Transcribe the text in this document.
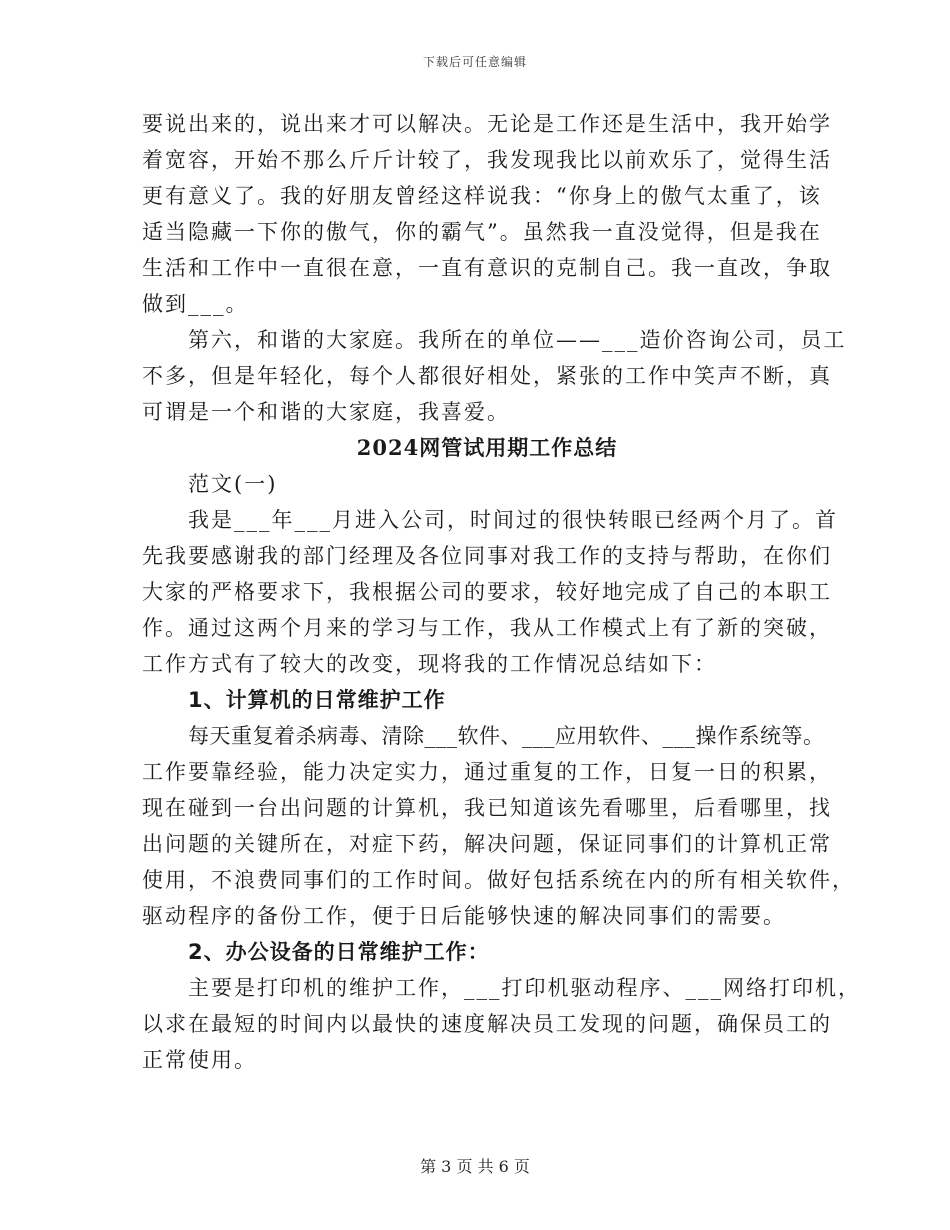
下载后可任意编辑
要说出来的，说出来才可以解决。无论是工作还是生活中，我开始学
着宽容，开始不那么斤斤计较了，我发现我比以前欢乐了，觉得生活
更有意义了。我的好朋友曾经这样说我：“你身上的傲气太重了，该
适当隐藏一下你的傲气，你的霸气”。虽然我一直没觉得，但是我在
生活和工作中一直很在意，一直有意识的克制自己。我一直改，争取
做到___。
第六，和谐的大家庭。我所在的单位——___造价咨询公司，员工
不多，但是年轻化，每个人都很好相处，紧张的工作中笑声不断，真
可谓是一个和谐的大家庭，我喜爱。
2024网管试用期工作总结
范文(一)
我是___年___月进入公司，时间过的很快转眼已经两个月了。首
先我要感谢我的部门经理及各位同事对我工作的支持与帮助，在你们
大家的严格要求下，我根据公司的要求，较好地完成了自己的本职工
作。通过这两个月来的学习与工作，我从工作模式上有了新的突破，
工作方式有了较大的改变，现将我的工作情况总结如下：
1、计算机的日常维护工作
每天重复着杀病毒、清除___软件、___应用软件、___操作系统等。
工作要靠经验，能力决定实力，通过重复的工作，日复一日的积累，
现在碰到一台出问题的计算机，我已知道该先看哪里，后看哪里，找
出问题的关键所在，对症下药，解决问题，保证同事们的计算机正常
使用，不浪费同事们的工作时间。做好包括系统在内的所有相关软件，
驱动程序的备份工作，便于日后能够快速的解决同事们的需要。
2、办公设备的日常维护工作：
主要是打印机的维护工作，___打印机驱动程序、___网络打印机，
以求在最短的时间内以最快的速度解决员工发现的问题，确保员工的
正常使用。
第 3 页 共 6 页
